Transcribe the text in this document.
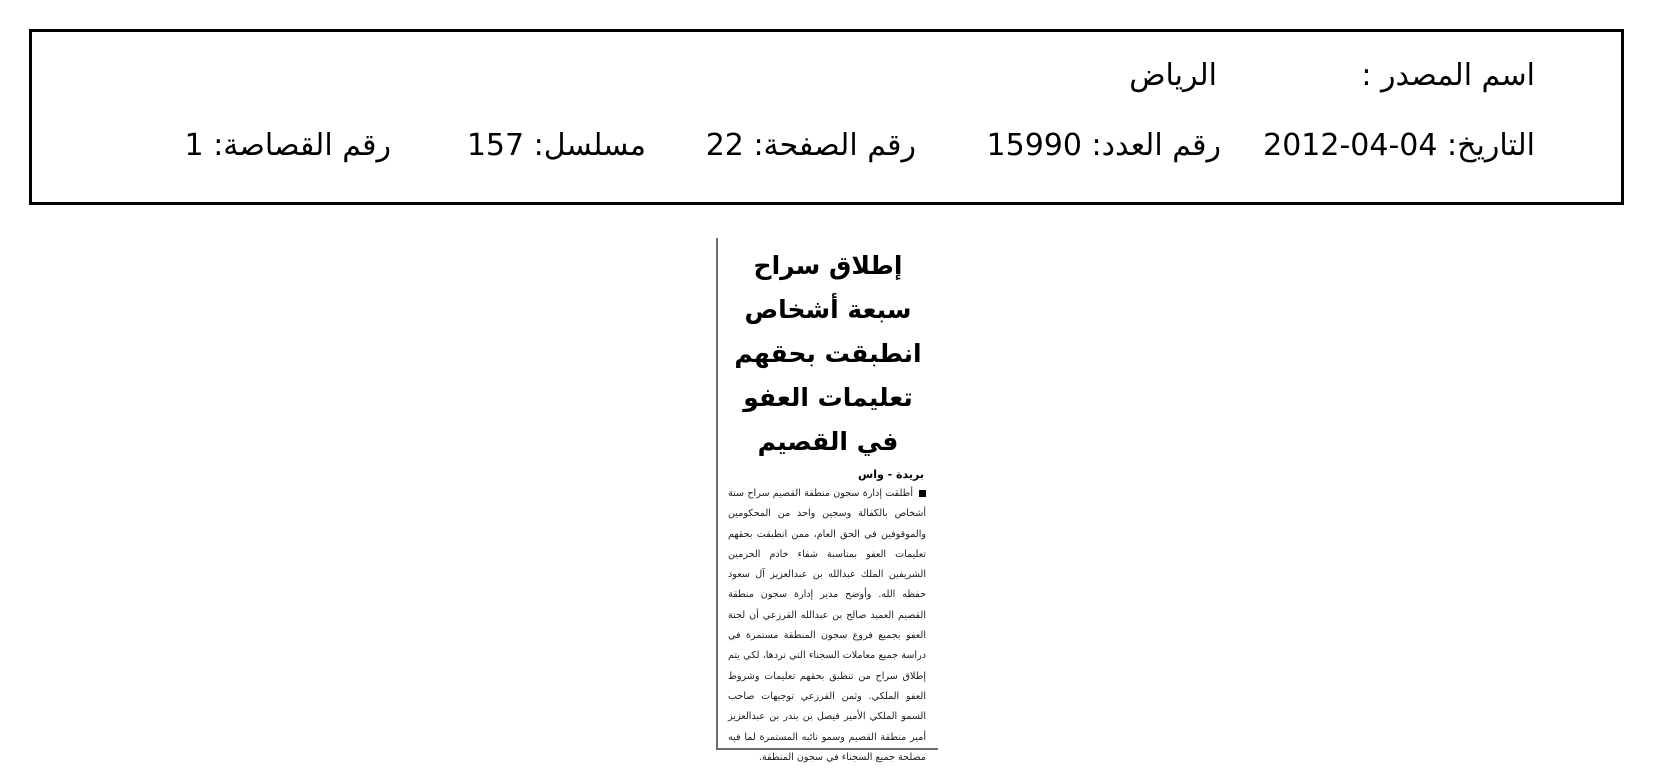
اسم المصدر :
الرياض
التاريخ: 2012-04-04
رقم العدد: 15990
رقم الصفحة: 22
مسلسل: 157
رقم القصاصة: 1
إطلاق سراح سبعة أشخاص انطبقت بحقهم تعليمات العفو في القصيم
بريدة - واس
أطلقت إدارة سجون منطقة القصيم سراح ستة أشخاص بالكفالة وسجين واحد من المحكومين والموقوفين في الحق العام، ممن انطبقت بحقهم تعليمات العفو بمناسبة شفاء خادم الحرمين الشريفين الملك عبدالله بن عبدالعزيز آل سعود حفظه الله. وأوضح مدير إدارة سجون منطقة القصيم العميد صالح بن عبدالله القرزعي أن لجنة العفو بجميع فروع سجون المنطقة مستمرة في دراسة جميع معاملات السجناء التي تردها، لكي يتم إطلاق سراح من تنطبق بحقهم تعليمات وشروط العفو الملكي. وثمن القرزعي توجيهات صاحب السمو الملكي الأمير فيصل بن بندر بن عبدالعزيز أمير منطقة القصيم وسمو نائبه المستمرة لما فيه مصلحة جميع السجناء في سجون المنطقة.
